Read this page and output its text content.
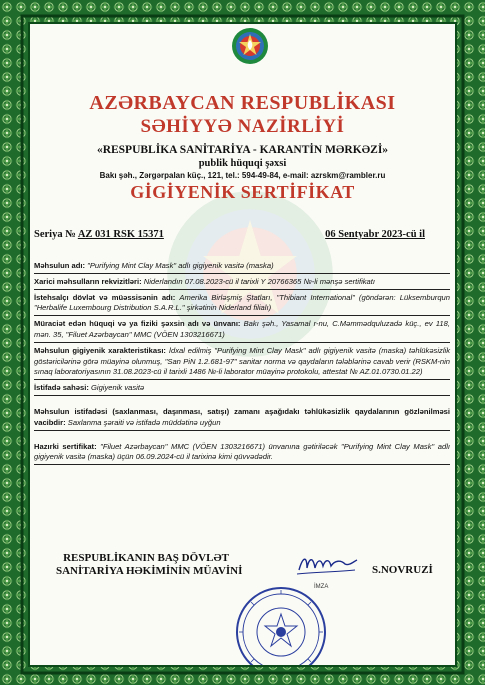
AZƏRBAYCAN RESPUBLİKASI
SƏHİYYƏ NAZİRLİYİ
«RESPUBLİKA SANİTARİYA - KARANTİN MƏRKƏZİ»
publik hüquqi şəxsi
Bakı şəh., Zərgərpalan küç., 121, tel.: 594-49-84, e-mail: azrskm@rambler.ru
GİGİYENİK SERTİFİKAT
Seriya № AZ 031 RSK 15371	06 Sentyabr 2023-cü il
Məhsulun adı: "Purifying Mint Clay Mask" adlı gigiyenik vasitə (maska)
Xarici məhsulların rekvizitləri: Niderlandın 07.08.2023-cü il tarixli Y 20766365 №-li mənşə sertifikatı
İstehsalçı dövlət və müəssisənin adı: Amerika Birləşmiş Ştatları, "Thibiant International" (göndərən: Lüksemburqun "Herbalife Luxembourg Distribution S.A.R.L." şirkətinin Niderland filialı)
Müraciət edən hüquqi və ya fiziki şəxsin adı və ünvanı: Bakı şəh., Yasamal r-nu, C.Məmmədquluzadə küç., ev 118, mən. 35, "Filuet Azərbaycan" MMC (VÖEN 1303216671)
Məhsulun gigiyenik xarakteristikası: İdxal edilmiş "Purifying Mint Clay Mask" adlı gigiyenik vasitə (maska) təhlükəsizlik göstəricilərinə görə müayinə olunmuş, "San PiN 1.2.681-97" sanitar norma və qaydaların tələblərinə cavab verir (RSKM-nin sınaq laboratoriyasının 31.08.2023-cü il tarixli 1486 №-li laborator müayinə protokolu, attestat № AZ.01.0730.01.22)
İstifadə sahəsi: Gigiyenik vasitə
Məhsulun istifadəsi (saxlanması, daşınması, satışı) zamanı aşağıdakı təhlükəsizlik qaydalarının gözlənilməsi vacibdir: Saxlanma şəraiti və istifadə müddətinə uyğun
Hazırki sertifikat: "Filuet Azərbaycan" MMC (VÖEN 1303216671) ünvanına gətiriləcək "Purifying Mint Clay Mask" adlı gigiyenik vasitə (maska) üçün 06.09.2024-cü il tarixinə kimi qüvvədədir.
RESPUBLİKANIN BAŞ DÖVLƏT
SANİTARİYA HƏKİMİNİN MÜAVİNİ
İMZA
S.NOVRUZİ
